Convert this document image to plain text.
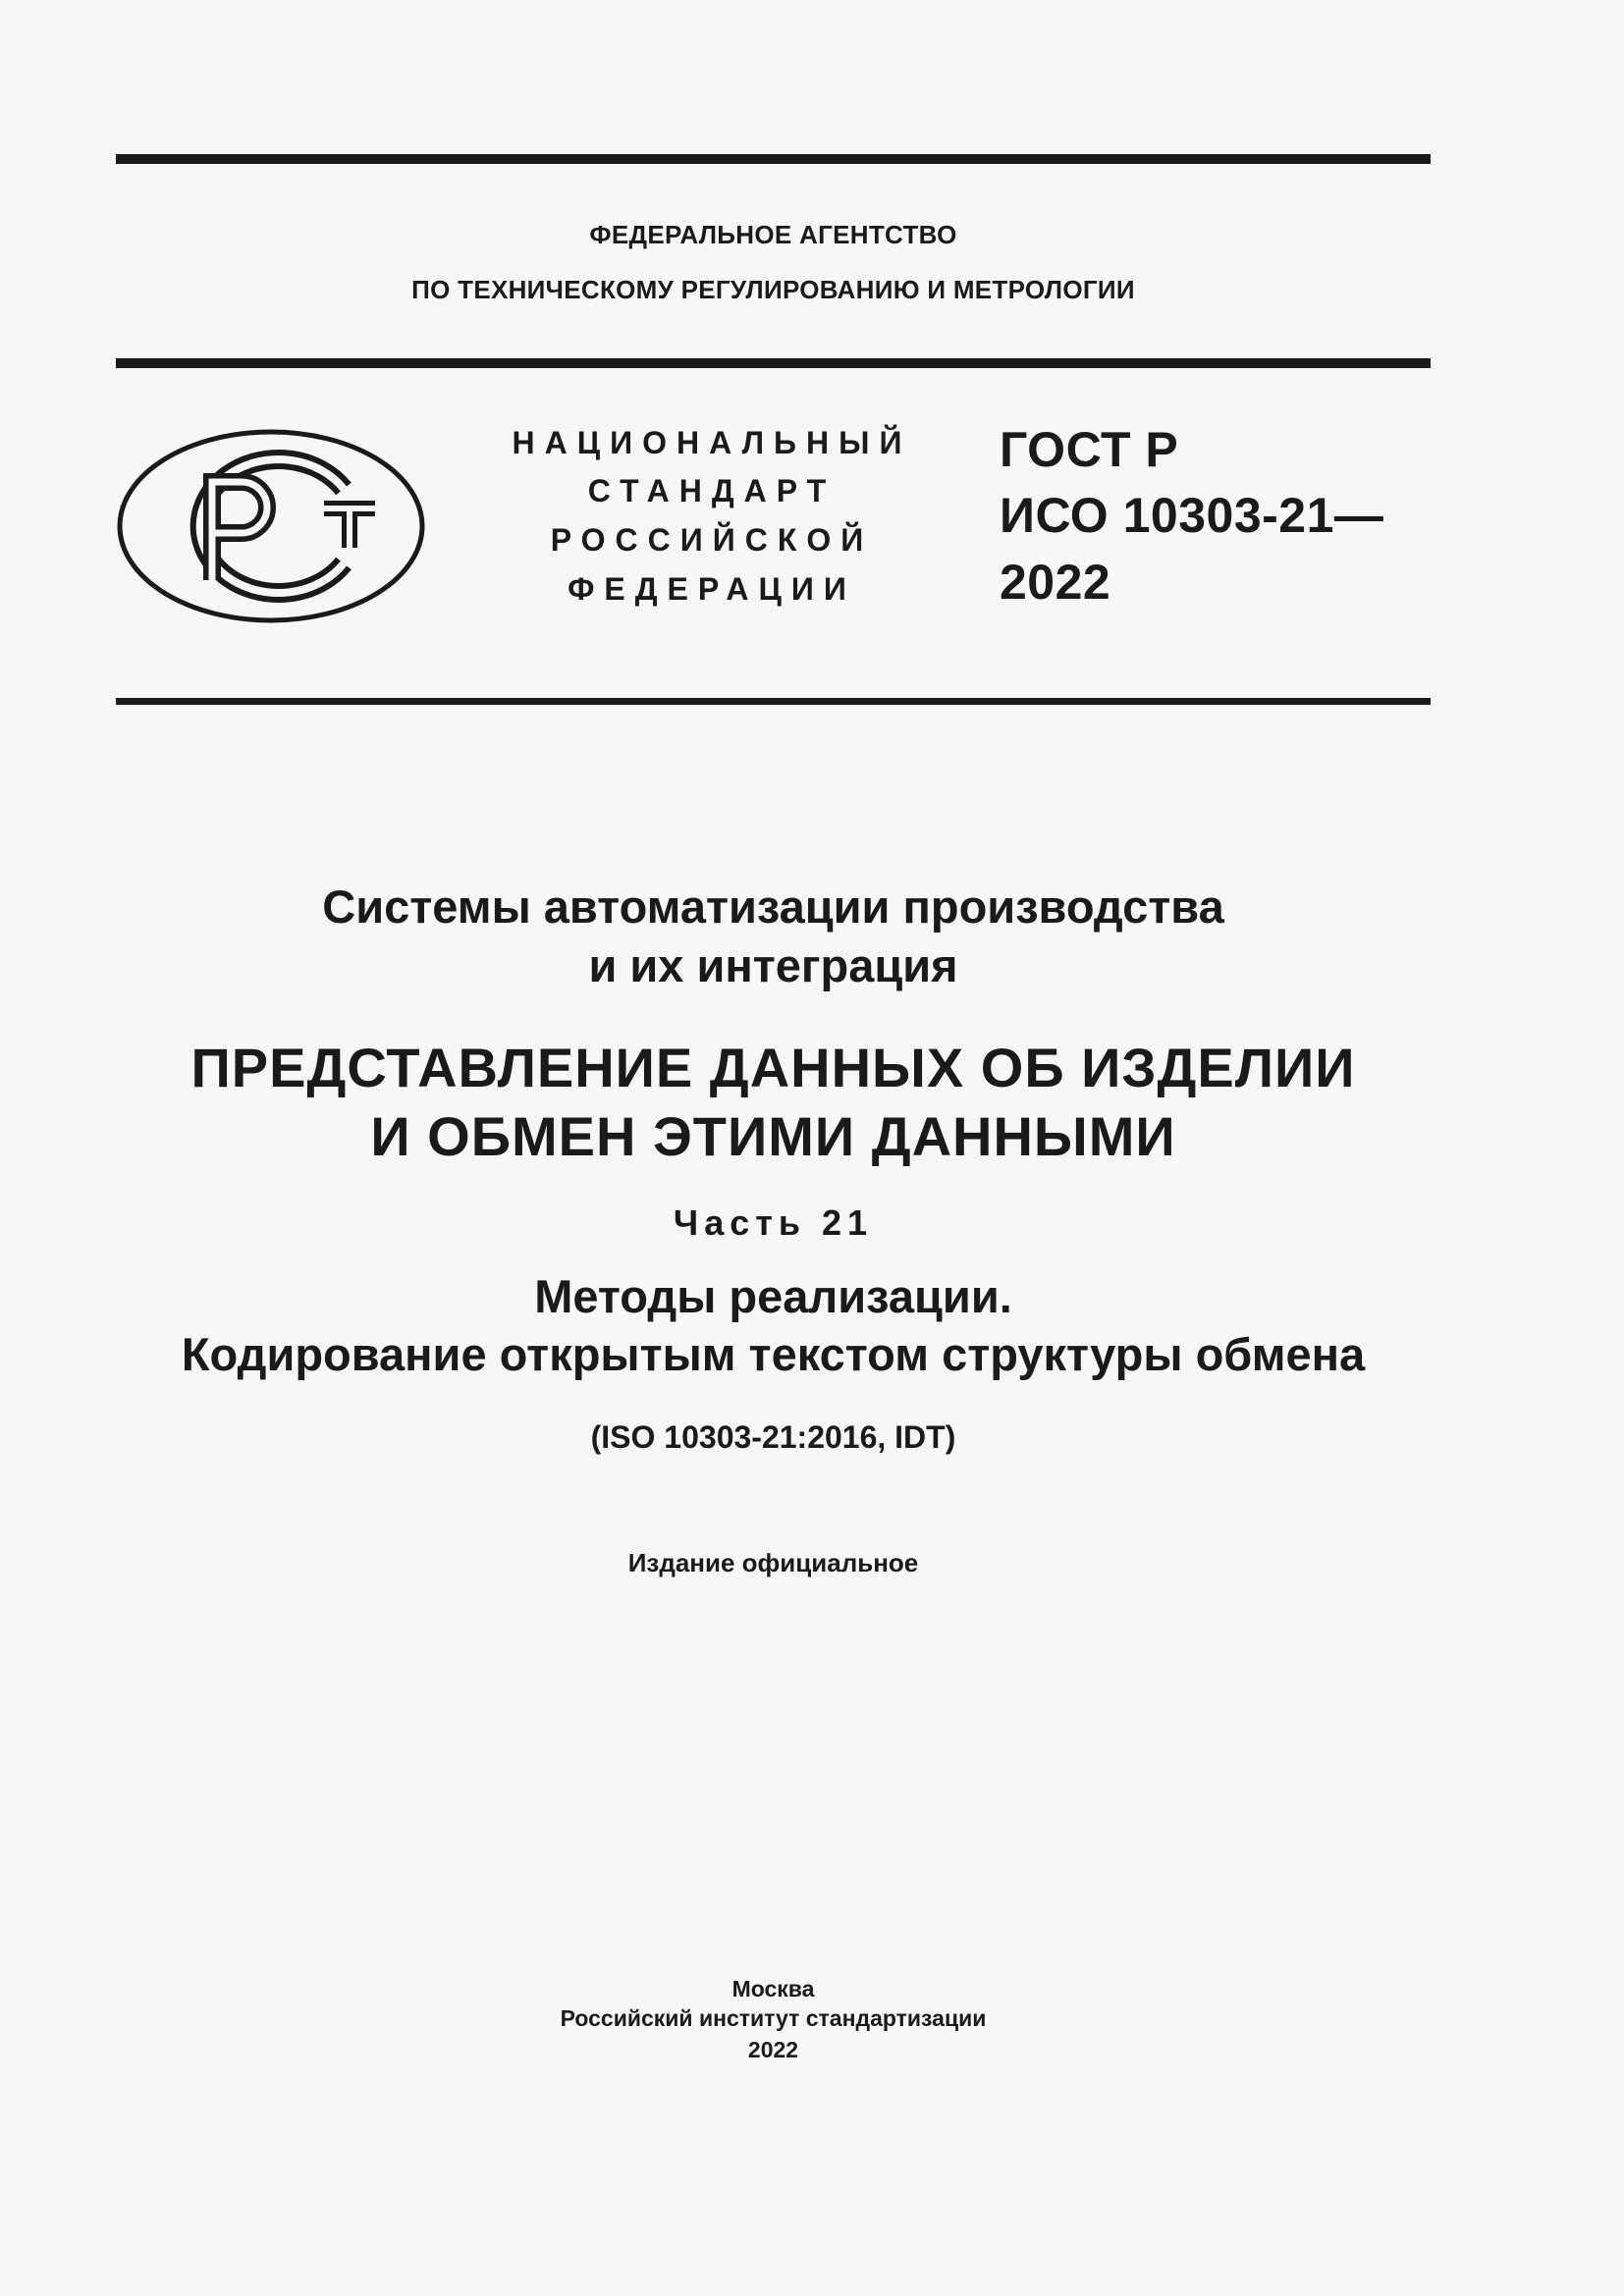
ФЕДЕРАЛЬНОЕ АГЕНТСТВО
ПО ТЕХНИЧЕСКОМУ РЕГУЛИРОВАНИЮ И МЕТРОЛОГИИ
НАЦИОНАЛЬНЫЙ
СТАНДАРТ
РОССИЙСКОЙ
ФЕДЕРАЦИИ
ГОСТ Р
ИСО 10303-21—
2022
Системы автоматизации производства
и их интеграция
ПРЕДСТАВЛЕНИЕ ДАННЫХ ОБ ИЗДЕЛИИ
И ОБМЕН ЭТИМИ ДАННЫМИ
Часть 21
Методы реализации.
Кодирование открытым текстом структуры обмена
(ISO 10303-21:2016, IDT)
Издание официальное
Москва
Российский институт стандартизации
2022
